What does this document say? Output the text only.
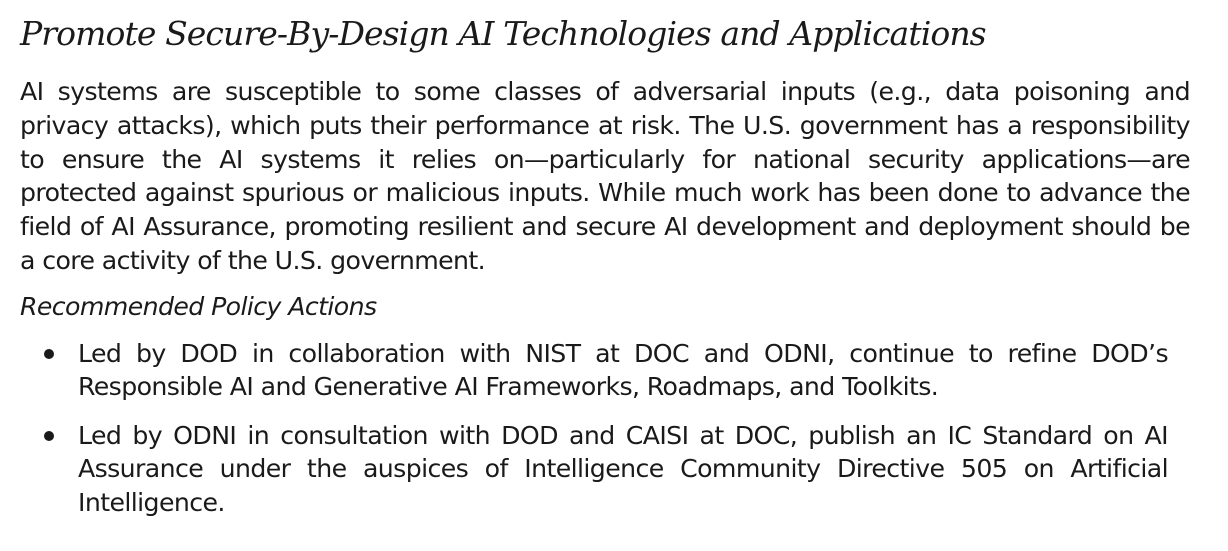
Promote Secure-By-Design AI Technologies and Applications

AI systems are susceptible to some classes of adversarial inputs (e.g., data poisoning and privacy attacks), which puts their performance at risk. The U.S. government has a responsibility to ensure the AI systems it relies on—particularly for national security applications—are protected against spurious or malicious inputs. While much work has been done to advance the field of AI Assurance, promoting resilient and secure AI development and deployment should be a core activity of the U.S. government.

Recommended Policy Actions
Led by DOD in collaboration with NIST at DOC and ODNI, continue to refine DOD’s Responsible AI and Generative AI Frameworks, Roadmaps, and Toolkits.
Led by ODNI in consultation with DOD and CAISI at DOC, publish an IC Standard on AI Assurance under the auspices of Intelligence Community Directive 505 on Artificial Intelligence.
